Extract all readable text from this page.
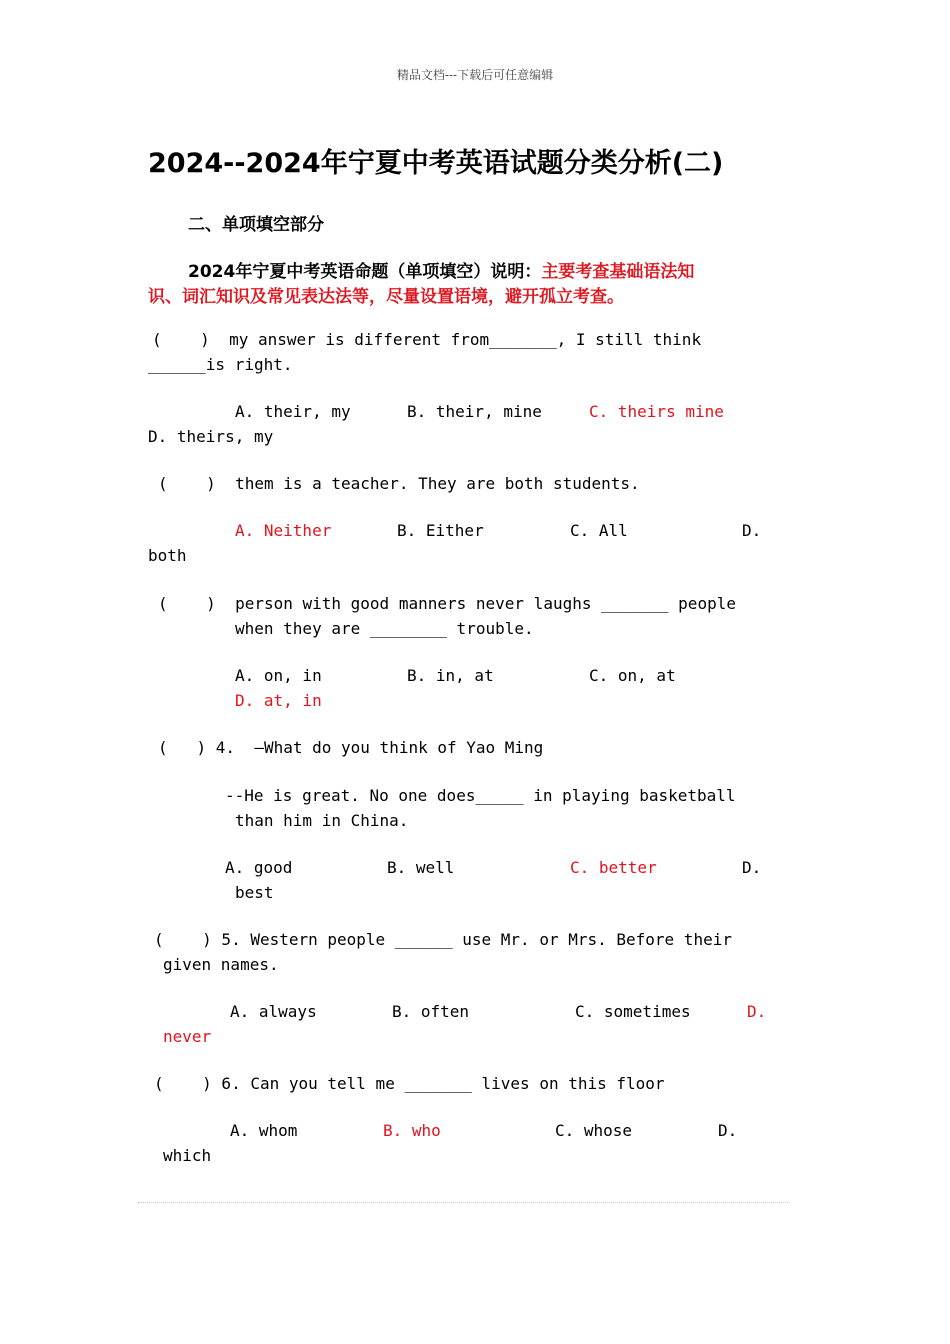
精品文档---下载后可任意编辑
2024--2024年宁夏中考英语试题分类分析(二)
二、单项填空部分
2024年宁夏中考英语命题（单项填空）说明：主要考查基础语法知
识、词汇知识及常见表达法等，尽量设置语境，避开孤立考查。
(    )  my answer is different from_______, I still think
______is right.
A. their, my	B. their, mine	C. theirs mine
D. theirs, my
(    )  them is a teacher. They are both students.
A. Neither	B. Either	C. All	D.
both
(    )  person with good manners never laughs _______ people
when they are ________ trouble.
A. on, in	B. in, at	C. on, at
D. at, in
(   ) 4.  –What do you think of Yao Ming
--He is great. No one does_____ in playing basketball
than him in China.
A. good	B. well	C. better	D.
best
(    ) 5. Western people ______ use Mr. or Mrs. Before their
given names.
A. always	B. often	C. sometimes	D.
never
(    ) 6. Can you tell me _______ lives on this floor
A. whom	B. who	C. whose	D.
which
